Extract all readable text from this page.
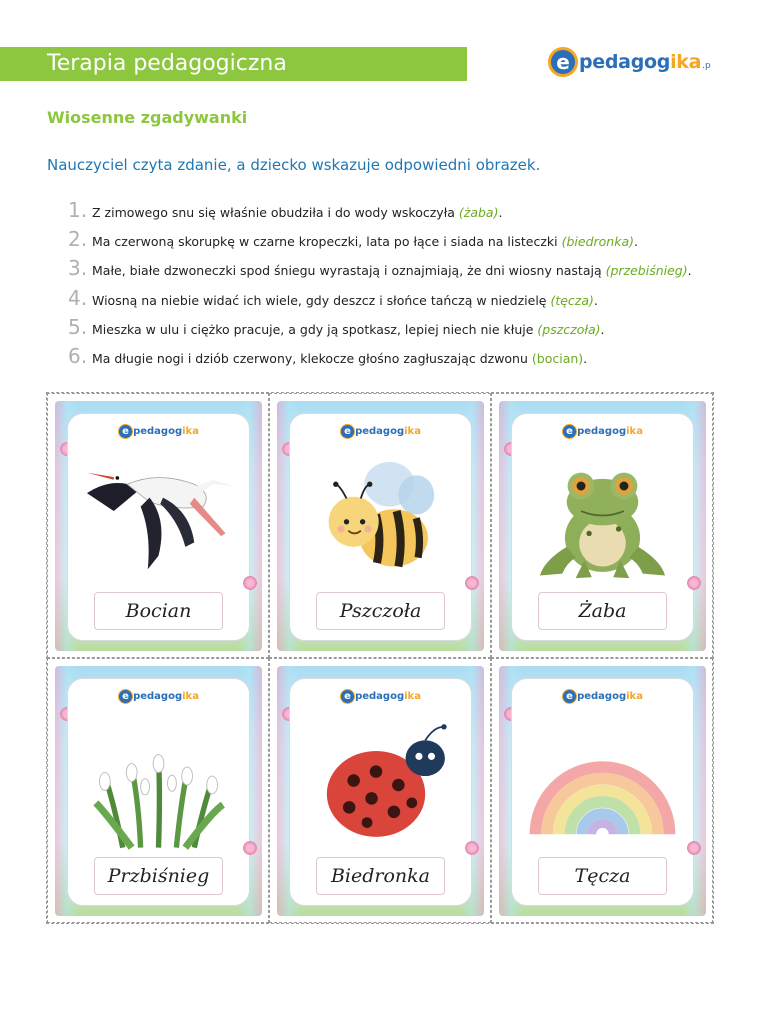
Terapia pedagogiczna	e pedagogika .p
Wiosenne zgadywanki
Nauczyciel czyta zdanie, a dziecko wskazuje odpowiedni obrazek.
1. Z zimowego snu się właśnie obudziła i do wody wskoczyła (żaba).
2. Ma czerwoną skorupkę w czarne kropeczki, lata po łące i siada na listeczki (biedronka).
3. Małe, białe dzwoneczki spod śniegu wyrastają i oznajmiają, że dni wiosny nastają (przebiśnieg).
4. Wiosną na niebie widać ich wiele, gdy deszcz i słońce tańczą w niedzielę (tęcza).
5. Mieszka w ulu i ciężko pracuje, a gdy ją spotkasz, lepiej niech nie kłuje (pszczoła).
6. Ma długie nogi i dziób czerwony, klekocze głośno zagłuszając dzwonu (bocian).
e pedagogika
Bocian
e pedagogika
Pszczoła
e pedagogika
Żaba
e pedagogika
Przbiśnieg
e pedagogika
Biedronka
e pedagogika
Tęcza
